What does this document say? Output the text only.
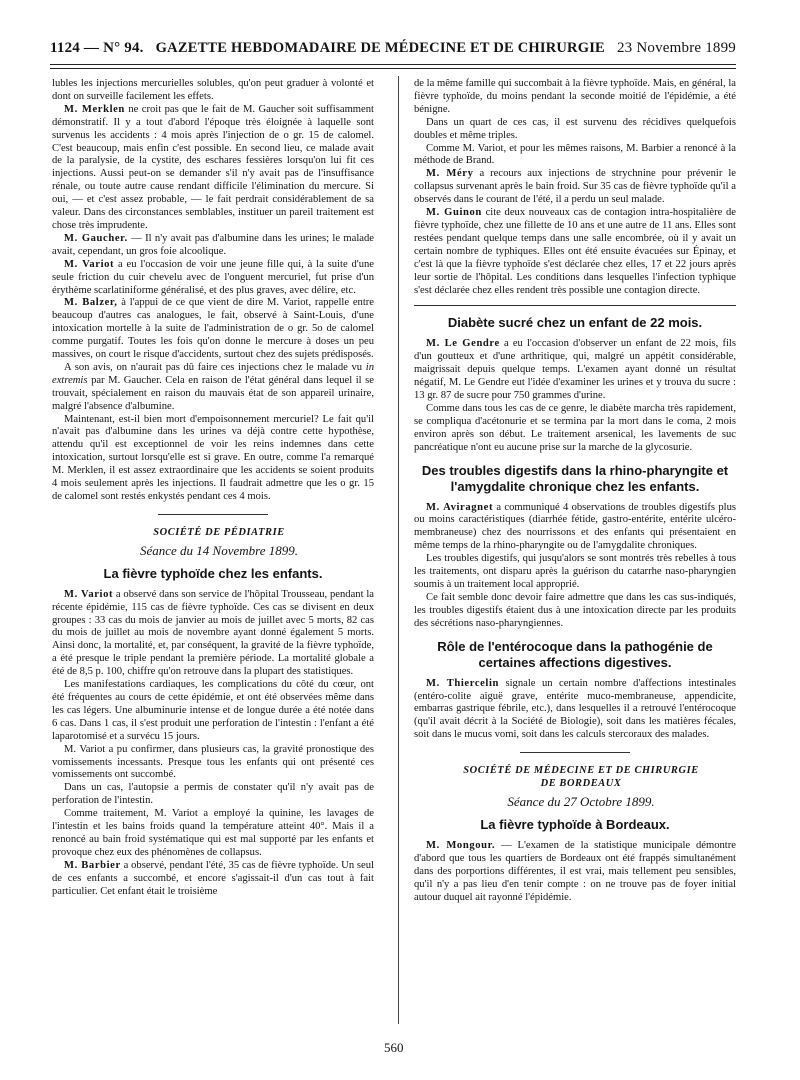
1124 — N° 94. GAZETTE HEBDOMADAIRE DE MÉDECINE ET DE CHIRURGIE 23 Novembre 1899

lubles les injections mercurielles solubles, qu'on peut graduer à volonté et dont on surveille facilement les effets.

M. Merklen ne croit pas que le fait de M. Gaucher soit suffisamment démonstratif. Il y a tout d'abord l'époque très éloignée à laquelle sont survenus les accidents : 4 mois après l'injection de o gr. 15 de calomel. C'est beaucoup, mais enfin c'est possible. En second lieu, ce malade avait de la paralysie, de la cystite, des eschares fessières lorsqu'on lui fit ces injections. Aussi peut-on se demander s'il n'y avait pas de l'insuffisance rénale, ou toute autre cause rendant difficile l'élimination du mercure. Si oui, — et c'est assez probable, — le fait perdrait considérablement de sa valeur. Dans des circonstances semblables, instituer un pareil traitement est chose très imprudente.

M. Gaucher. — Il n'y avait pas d'albumine dans les urines; le malade avait, cependant, un gros foie alcoolique.

M. Variot a eu l'occasion de voir une jeune fille qui, à la suite d'une seule friction du cuir chevelu avec de l'onguent mercuriel, fut prise d'un érythème scarlatiniforme généralisé, et des plus graves, avec délire, etc.

M. Balzer, à l'appui de ce que vient de dire M. Variot, rappelle entre beaucoup d'autres cas analogues, le fait, observé à Saint-Louis, d'une intoxication mortelle à la suite de l'administration de o gr. 5o de calomel comme purgatif. Toutes les fois qu'on donne le mercure à doses un peu massives, on court le risque d'accidents, surtout chez des sujets prédisposés.

A son avis, on n'aurait pas dû faire ces injections chez le malade vu in extremis par M. Gaucher. Cela en raison de l'état général dans lequel il se trouvait, spécialement en raison du mauvais état de son appareil urinaire, malgré l'absence d'albumine.

Maintenant, est-il bien mort d'empoisonnement mercuriel? Le fait qu'il n'avait pas d'albumine dans les urines va déjà contre cette hypothèse, attendu qu'il est exceptionnel de voir les reins indemnes dans cette intoxication, surtout lorsqu'elle est si grave. En outre, comme l'a remarqué M. Merklen, il est assez extraordinaire que les accidents se soient produits 4 mois seulement après les injections. Il faudrait admettre que les o gr. 15 de calomel sont restés enkystés pendant ces 4 mois.

SOCIÉTÉ DE PÉDIATRIE

Séance du 14 Novembre 1899.

La fièvre typhoïde chez les enfants.

M. Variot a observé dans son service de l'hôpital Trousseau, pendant la récente épidémie, 115 cas de fièvre typhoïde. Ces cas se divisent en deux groupes : 33 cas du mois de janvier au mois de juillet avec 5 morts, 82 cas du mois de juillet au mois de novembre ayant donné également 5 morts. Ainsi donc, la mortalité, et, par conséquent, la gravité de la fièvre typhoïde, a été presque le triple pendant la première période. La mortalité globale a été de 8,5 p. 100, chiffre qu'on retrouve dans la plupart des statistiques.

Les manifestations cardiaques, les complications du côté du cœur, ont été fréquentes au cours de cette épidémie, et ont été observées même dans les cas légers. Une albuminurie intense et de longue durée a été notée dans 6 cas. Dans 1 cas, il s'est produit une perforation de l'intestin : l'enfant a été laparotomisé et a survécu 15 jours.

M. Variot a pu confirmer, dans plusieurs cas, la gravité pronostique des vomissements incessants. Presque tous les enfants qui ont présenté ces vomissements ont succombé.

Dans un cas, l'autopsie a permis de constater qu'il n'y avait pas de perforation de l'intestin.

Comme traitement, M. Variot a employé la quinine, les lavages de l'intestin et les bains froids quand la température atteint 40°. Mais il a renoncé au bain froid systématique qui est mal supporté par les enfants et provoque chez eux des phénomènes de collapsus.

M. Barbier a observé, pendant l'été, 35 cas de fièvre typhoïde. Un seul de ces enfants a succombé, et encore s'agissait-il d'un cas tout à fait particulier. Cet enfant était le troisième

de la même famille qui succombait à la fièvre typhoïde. Mais, en général, la fièvre typhoïde, du moins pendant la seconde moitié de l'épidémie, a été bénigne.

Dans un quart de ces cas, il est survenu des récidives quelquefois doubles et même triples.

Comme M. Variot, et pour les mêmes raisons, M. Barbier a renoncé à la méthode de Brand.

M. Méry a recours aux injections de strychnine pour prévenir le collapsus survenant après le bain froid. Sur 35 cas de fièvre typhoïde qu'il a observés dans le courant de l'été, il a perdu un seul malade.

M. Guinon cite deux nouveaux cas de contagion intra-hospitalière de fièvre typhoïde, chez une fillette de 10 ans et une autre de 11 ans. Elles sont restées pendant quelque temps dans une salle encombrée, où il y avait un certain nombre de typhiques. Elles ont été ensuite évacuées sur Épinay, et c'est là que la fièvre typhoïde s'est déclarée chez elles, 17 et 22 jours après leur sortie de l'hôpital. Les conditions dans lesquelles l'infection typhique s'est déclarée chez elles rendent très possible une contagion directe.

Diabète sucré chez un enfant de 22 mois.

M. Le Gendre a eu l'occasion d'observer un enfant de 22 mois, fils d'un goutteux et d'une arthritique, qui, malgré un appétit considérable, maigrissait depuis quelque temps. L'examen ayant donné un résultat négatif, M. Le Gendre eut l'idée d'examiner les urines et y trouva du sucre : 13 gr. 87 de sucre pour 750 grammes d'urine.

Comme dans tous les cas de ce genre, le diabète marcha très rapidement, se compliqua d'acétonurie et se termina par la mort dans le coma, 2 mois environ après son début. Le traitement arsenical, les lavements de suc pancréatique n'ont eu aucune prise sur la marche de la glycosurie.

Des troubles digestifs dans la rhino-pharyngite et l'amygdalite chronique chez les enfants.

M. Aviragnet a communiqué 4 observations de troubles digestifs plus ou moins caractéristiques (diarrhée fétide, gastro-entérite, entérite ulcéro-membraneuse) chez des nourrissons et des enfants qui présentaient en même temps de la rhino-pharyngite ou de l'amygdalite chroniques.

Les troubles digestifs, qui jusqu'alors se sont montrés très rebelles à tous les traitements, ont disparu après la guérison du catarrhe naso-pharyngien soumis à un traitement local approprié.

Ce fait semble donc devoir faire admettre que dans les cas sus-indiqués, les troubles digestifs étaient dus à une intoxication directe par les produits des sécrétions naso-pharyngiennes.

Rôle de l'entérocoque dans la pathogénie de certaines affections digestives.

M. Thiercelin signale un certain nombre d'affections intestinales (entéro-colite aiguë grave, entérite muco-membraneuse, appendicite, embarras gastrique fébrile, etc.), dans lesquelles il a retrouvé l'entérocoque (qu'il avait décrit à la Société de Biologie), soit dans les matières fécales, soit dans le mucus vomi, soit dans les calculs stercoraux des malades.

SOCIÉTÉ DE MÉDECINE ET DE CHIRURGIE

DE BORDEAUX

Séance du 27 Octobre 1899.

La fièvre typhoïde à Bordeaux.

M. Mongour. — L'examen de la statistique municipale démontre d'abord que tous les quartiers de Bordeaux ont été frappés simultanément dans des porportions différentes, il est vrai, mais tellement peu sensibles, qu'il n'y a pas lieu d'en tenir compte : on ne trouve pas de foyer initial autour duquel ait rayonné l'épidémie.

560
